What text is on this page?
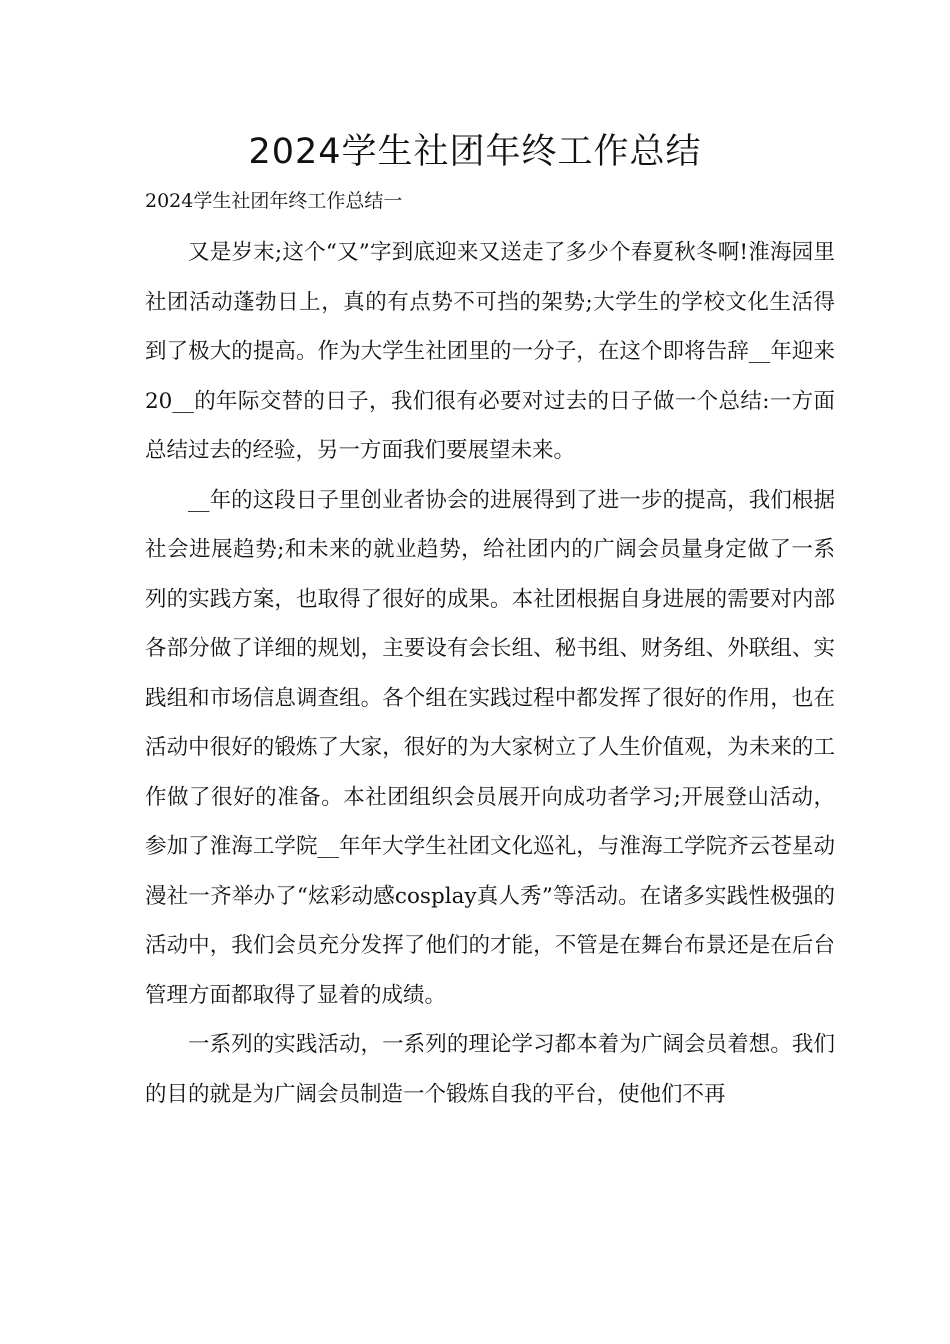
2024学生社团年终工作总结
2024学生社团年终工作总结一

又是岁末;这个“又”字到底迎来又送走了多少个春夏秋冬啊!淮海园里社团活动蓬勃日上，真的有点势不可挡的架势;大学生的学校文化生活得到了极大的提高。作为大学生社团里的一分子，在这个即将告辞__年迎来20__的年际交替的日子，我们很有必要对过去的日子做一个总结:一方面总结过去的经验，另一方面我们要展望未来。

__年的这段日子里创业者协会的进展得到了进一步的提高，我们根据社会进展趋势;和未来的就业趋势，给社团内的广阔会员量身定做了一系列的实践方案，也取得了很好的成果。本社团根据自身进展的需要对内部各部分做了详细的规划，主要设有会长组、秘书组、财务组、外联组、实践组和市场信息调查组。各个组在实践过程中都发挥了很好的作用，也在活动中很好的锻炼了大家，很好的为大家树立了人生价值观，为未来的工作做了很好的准备。本社团组织会员展开向成功者学习;开展登山活动，参加了淮海工学院__年年大学生社团文化巡礼，与淮海工学院齐云苍星动漫社一齐举办了“炫彩动感cosplay真人秀”等活动。在诸多实践性极强的活动中，我们会员充分发挥了他们的才能，不管是在舞台布景还是在后台管理方面都取得了显着的成绩。

一系列的实践活动，一系列的理论学习都本着为广阔会员着想。我们的目的就是为广阔会员制造一个锻炼自我的平台，使他们不再
